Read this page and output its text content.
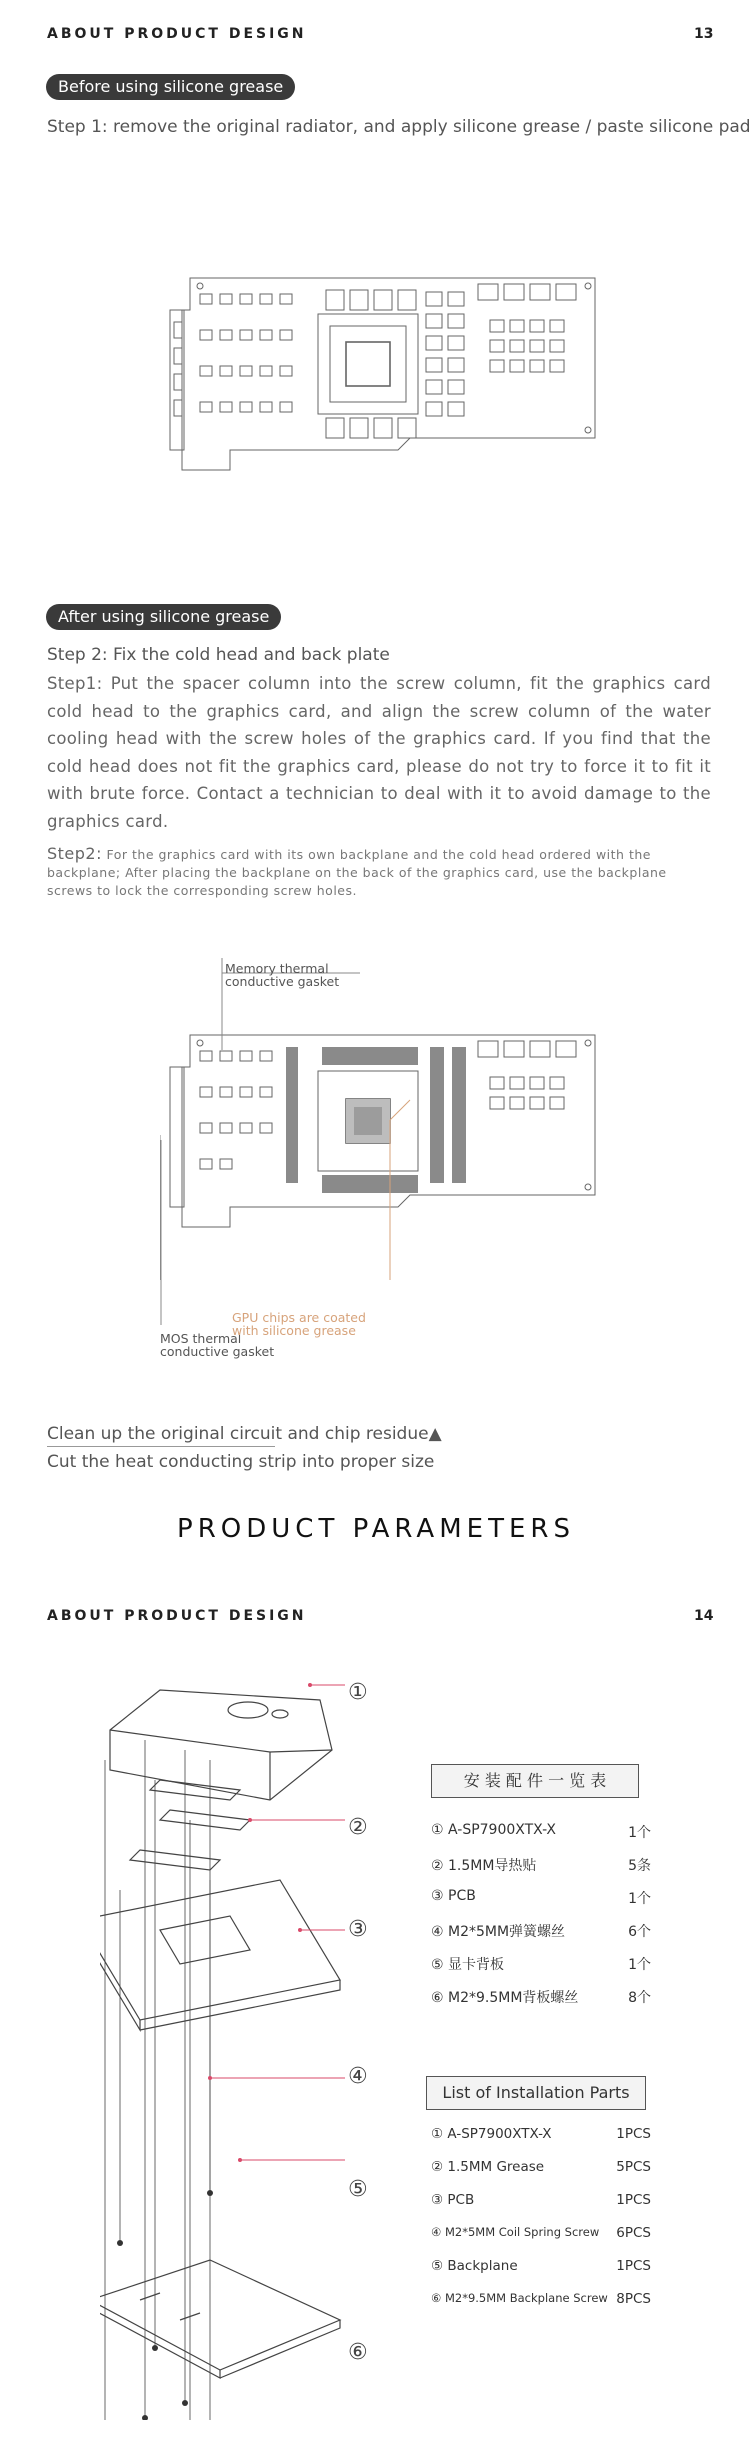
ABOUT PRODUCT DESIGN	13
Before using silicone grease
Step 1: remove the original radiator, and apply silicone grease / paste silicone pad
After using silicone grease
Step 2: Fix the cold head and back plate
Step1: Put the spacer column into the screw column, fit the graphics card cold head to the graphics card, and align the screw column of the water cooling head with the screw holes of the graphics card. If you find that the cold head does not fit the graphics card, please do not try to force it to fit it with brute force. Contact a technician to deal with it to avoid damage to the graphics card.
Step2: For the graphics card with its own backplane and the cold head ordered with the backplane; After placing the backplane on the back of the graphics card, use the backplane screws to lock the corresponding screw holes.
Memory thermal
conductive gasket
MOS thermal
conductive gasket
GPU chips are coated
with silicone grease
Clean up the original circuit and chip residue▲
Cut the heat conducting strip into proper size
PRODUCT PARAMETERS
ABOUT PRODUCT DESIGN	14
①
②
③
④
⑤
⑥
安 装 配 件 一 览 表
① A-SP7900XTX-X	1个
② 1.5MM导热贴	5条
③ PCB	1个
④ M2*5MM弹簧螺丝	6个
⑤ 显卡背板	1个
⑥ M2*9.5MM背板螺丝	8个
List of Installation Parts
① A-SP7900XTX-X	1PCS
② 1.5MM Grease	5PCS
③ PCB	1PCS
④ M2*5MM Coil Spring Screw 6PCS
⑤ Backplane	1PCS
⑥ M2*9.5MM Backplane Screw 8PCS
